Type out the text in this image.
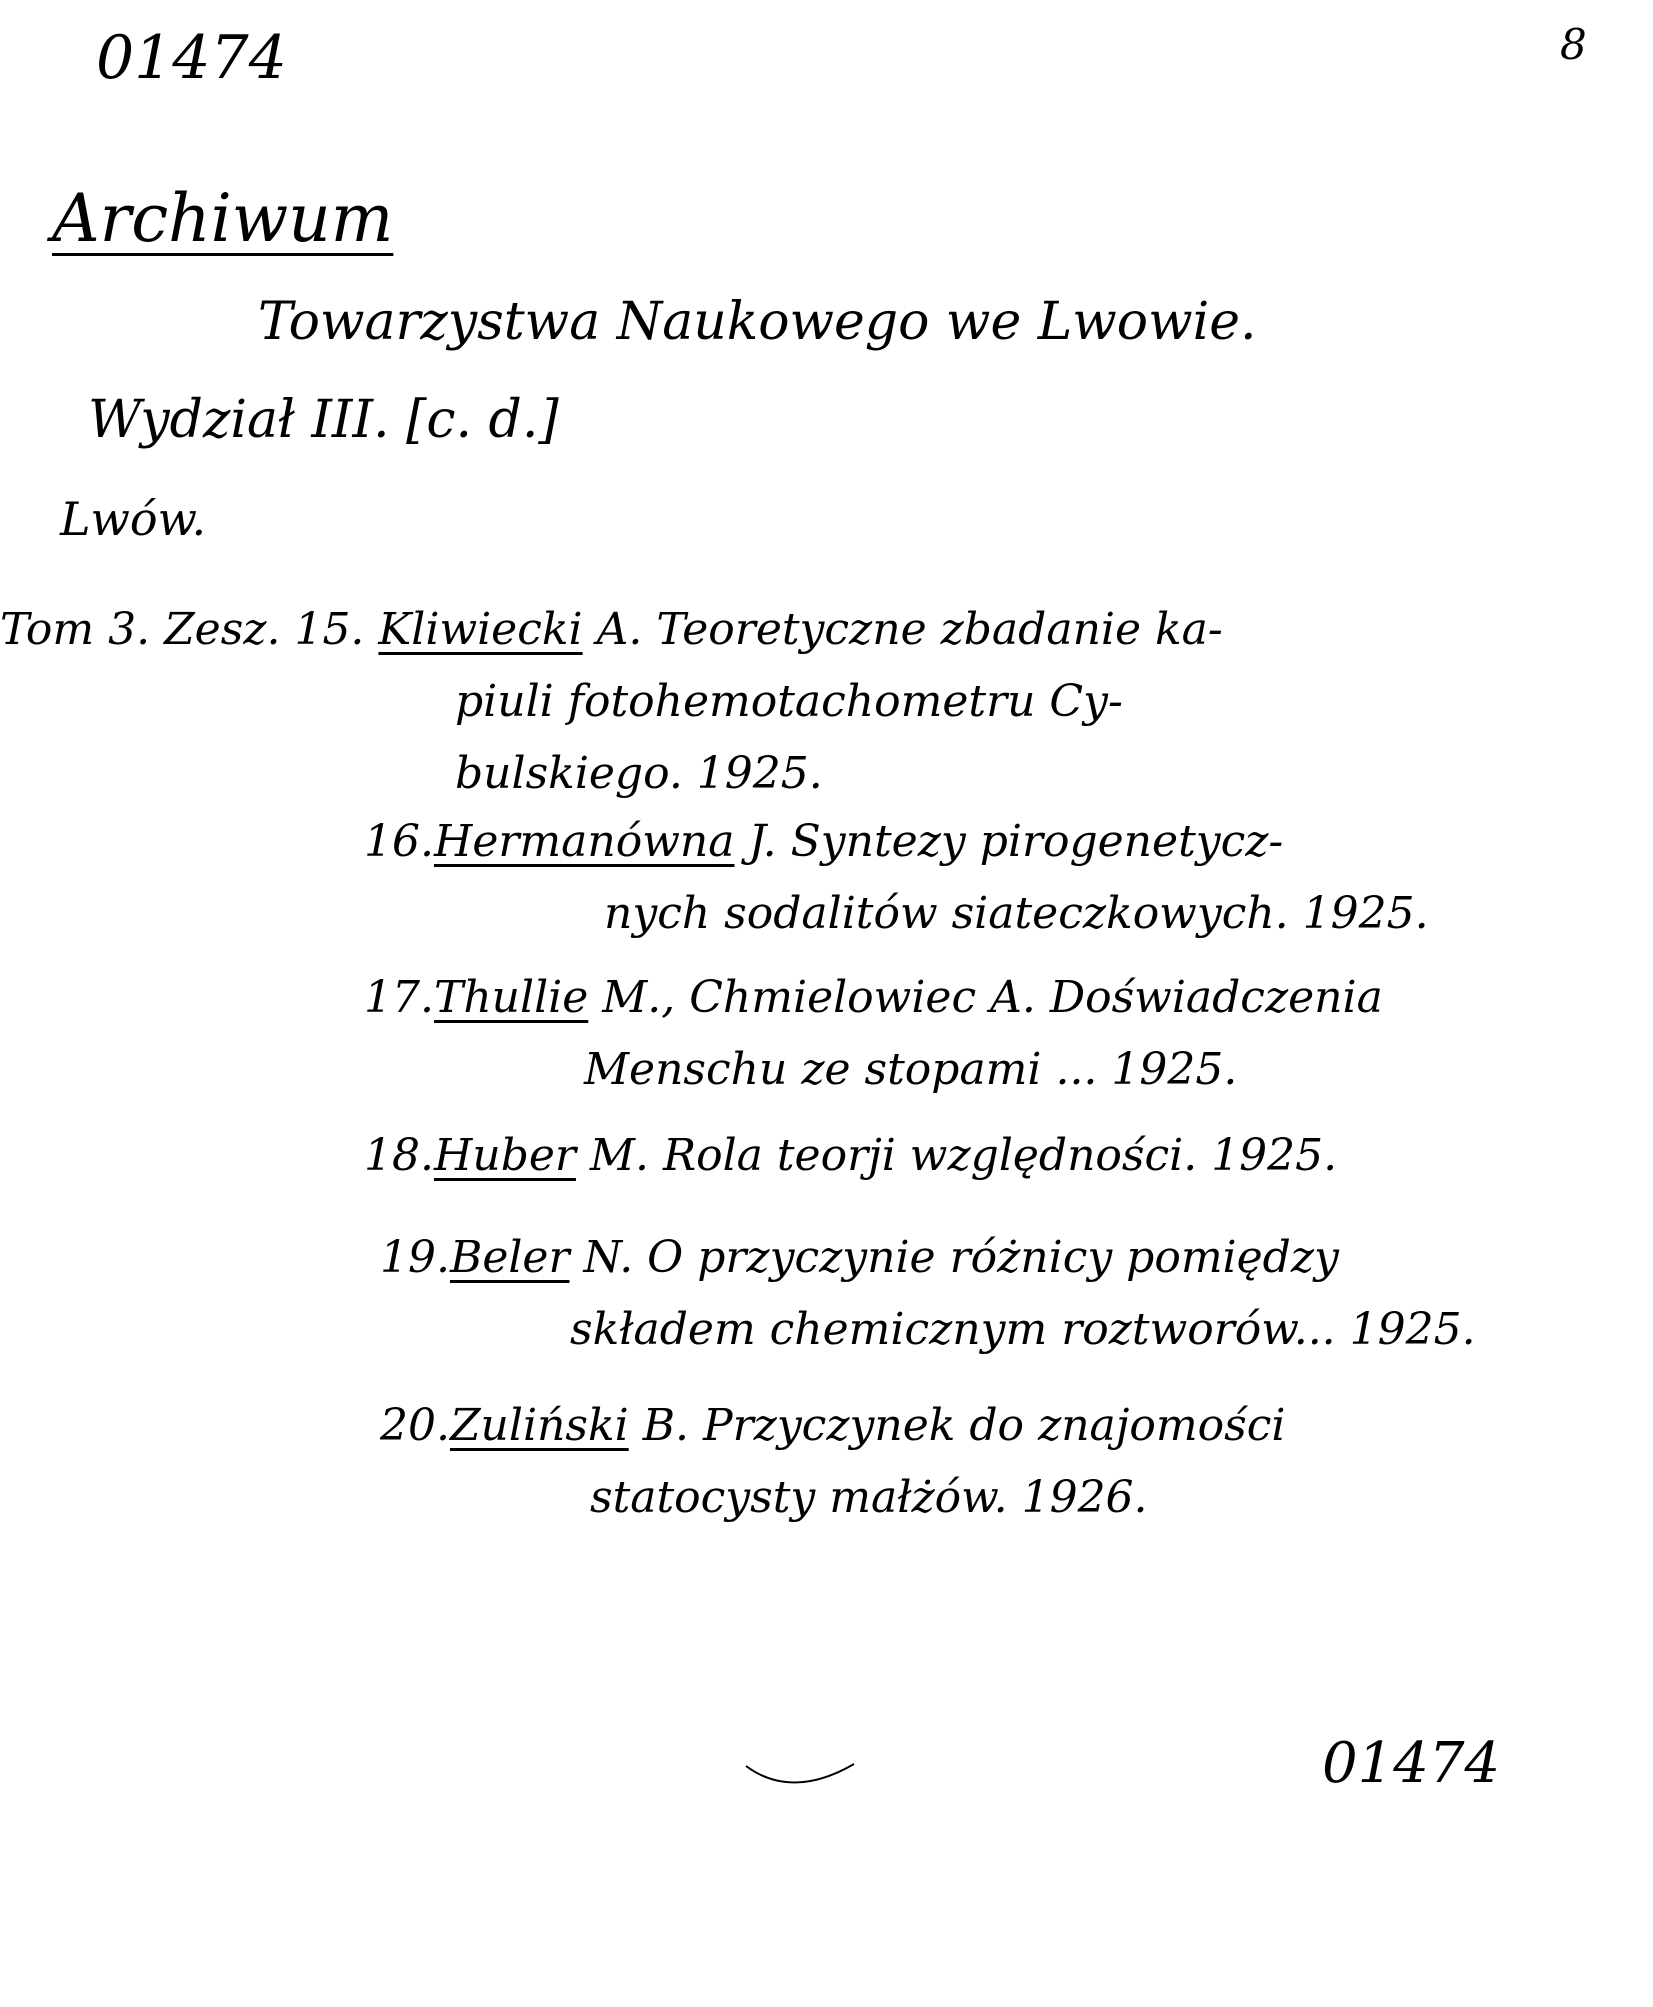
01474	8
Archiwum
Towarzystwa Naukowego we Lwowie.
Wydział III. [c. d.]
Lwów.
Tom 3. Zesz. 15. Kliwiecki A. Teoretyczne zbadanie ka-
piuli fotohemotachometru Cy-
bulskiego. 1925.
16.Hermanówna J. Syntezy pirogenetycz-
nych sodalitów siateczkowych. 1925.
17.Thullie M., Chmielowiec A. Doświadczenia
Menschu ze stopami ... 1925.
18.Huber M. Rola teorji względności. 1925.
19.Beler N. O przyczynie różnicy pomiędzy
składem chemicznym roztworów... 1925.
20.Zuliński B. Przyczynek do znajomości
statocysty małżów. 1926.
01474
